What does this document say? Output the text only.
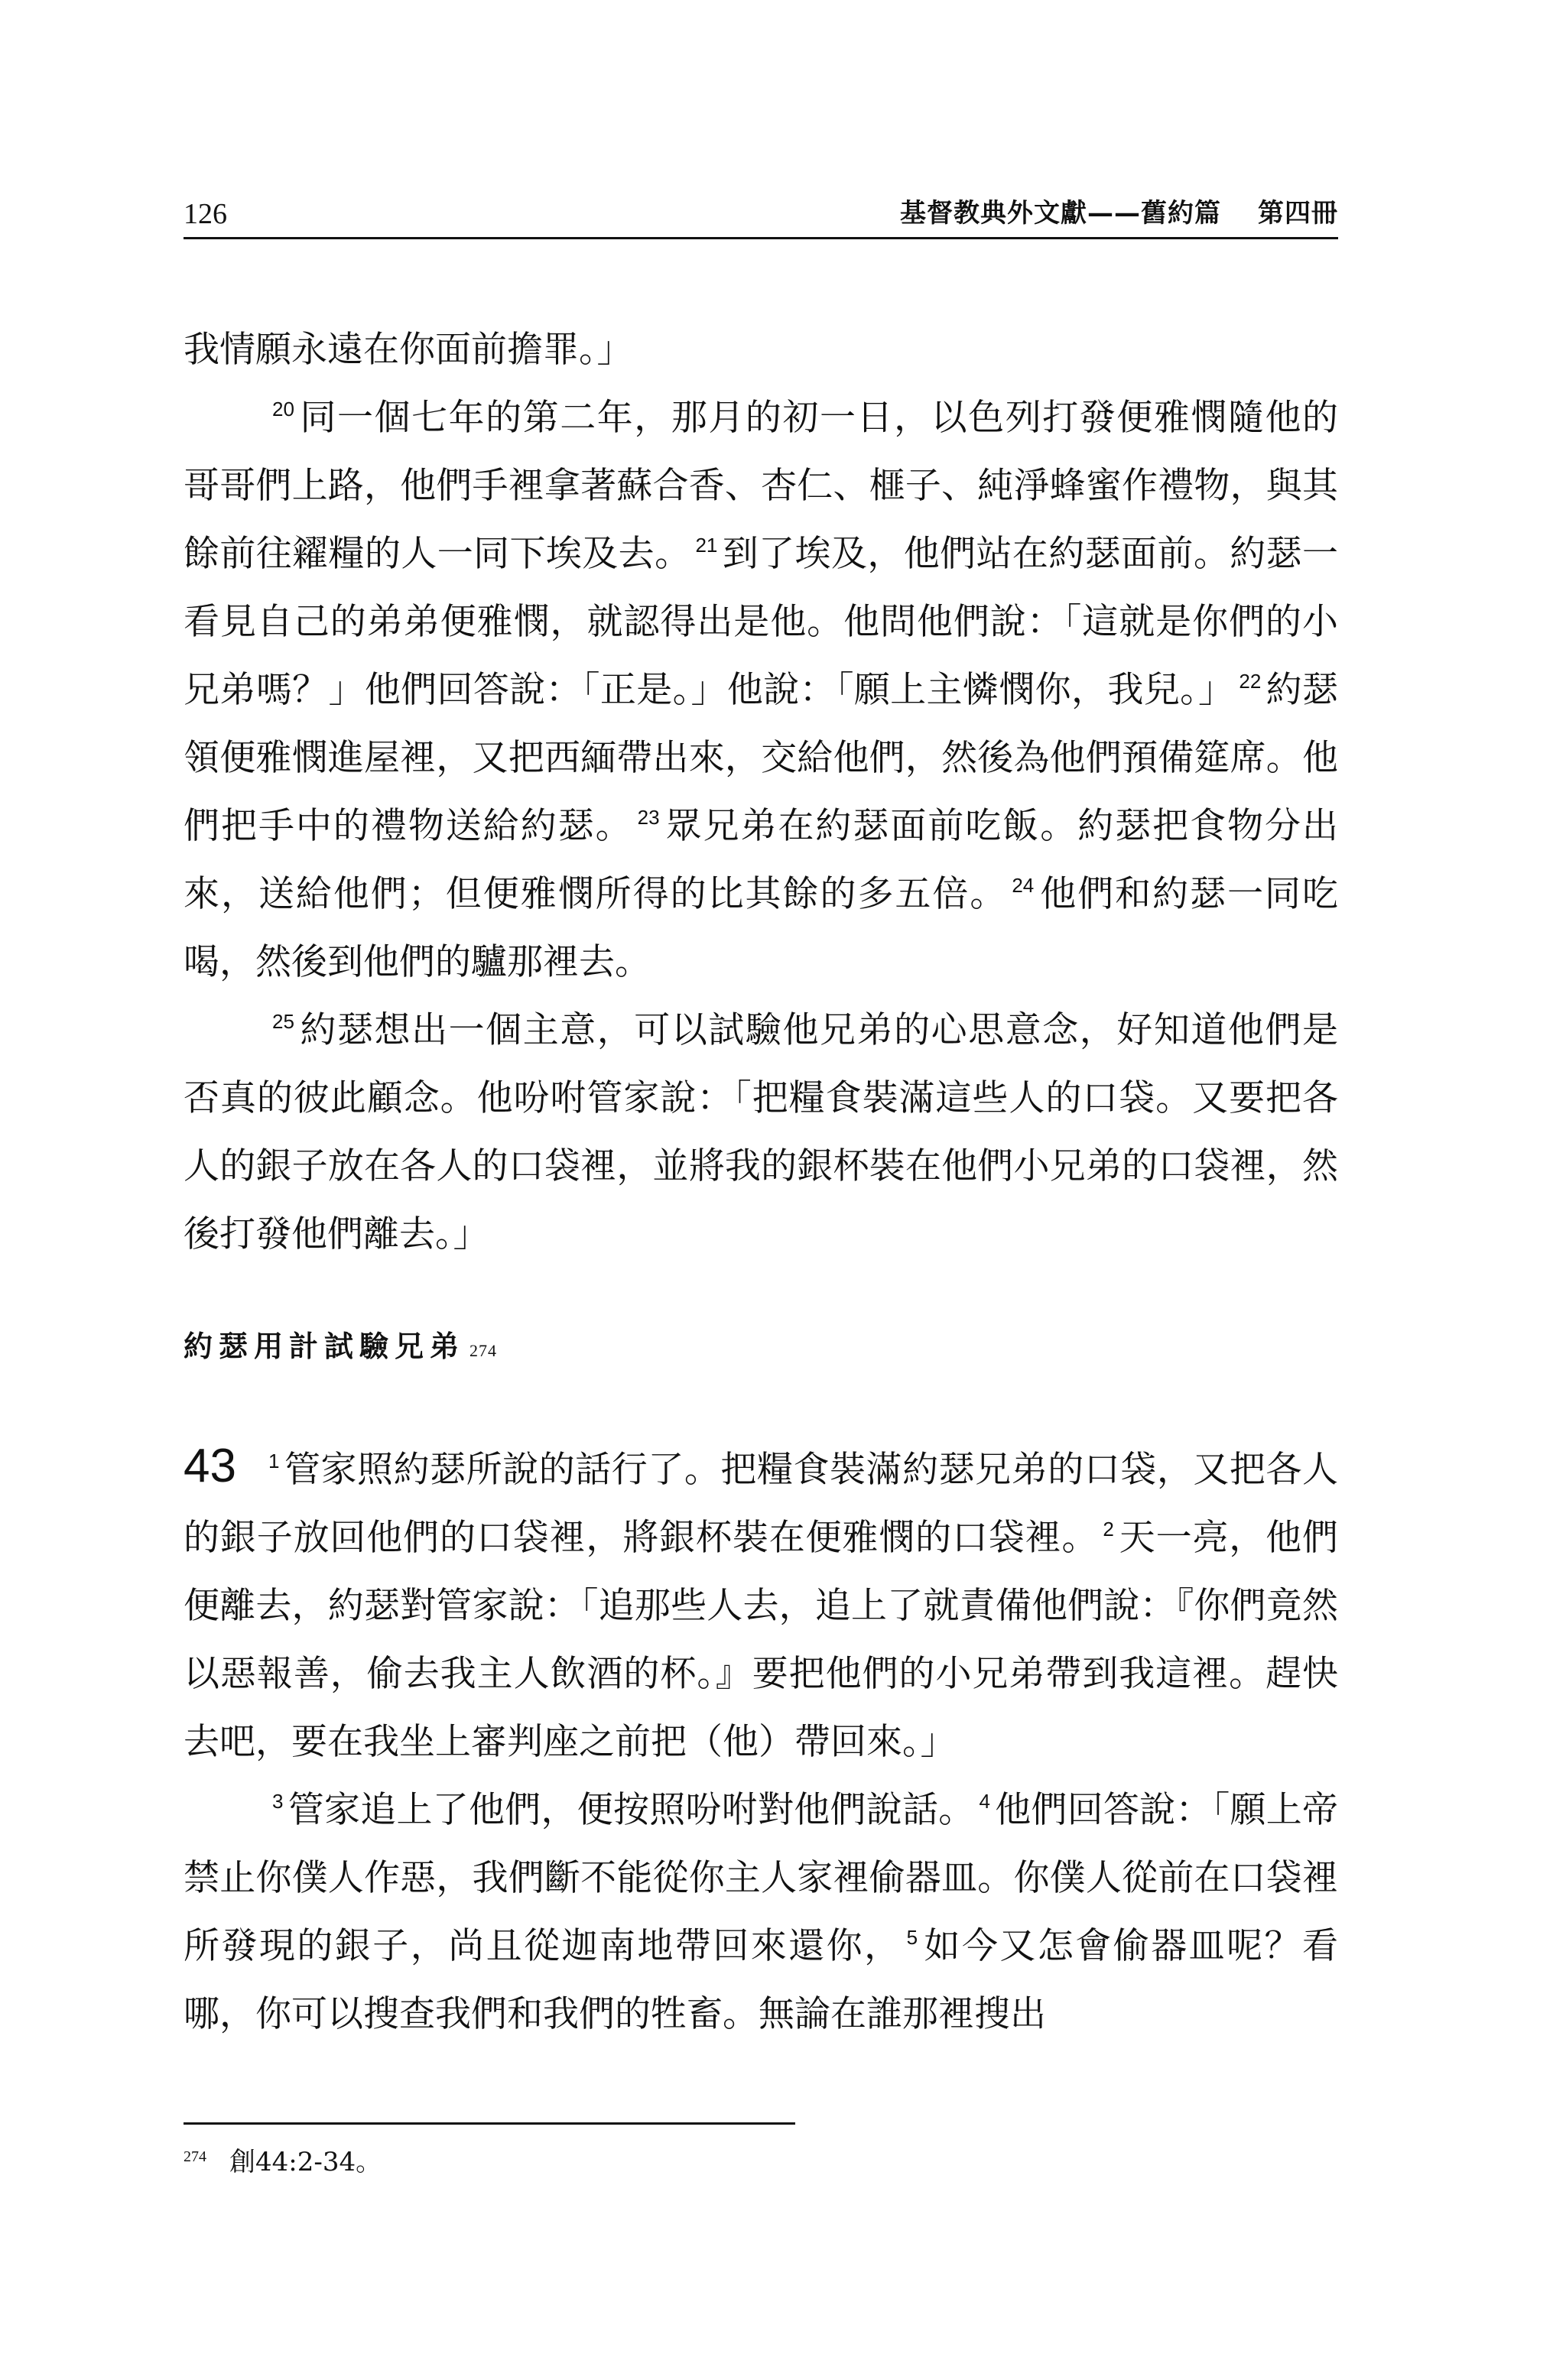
126	基督教典外文獻——舊約篇 第四冊

我情願永遠在你面前擔罪。」

$^{20}$ 同一個七年的第二年，那月的初一日，以色列打發便雅憫隨他的哥哥們上路，他們手裡拿著蘇合香、杏仁、榧子、純淨蜂蜜作禮物，與其餘前往糴糧的人一同下埃及去。 $^{21}$ 到了埃及，他們站在約瑟面前。約瑟一看見自己的弟弟便雅憫，就認得出是他。他問他們說：「這就是你們的小兄弟嗎？」他們回答說：「正是。」他說：「願上主憐憫你，我兒。」 $^{22}$ 約瑟領便雅憫進屋裡，又把西緬帶出來，交給他們，然後為他們預備筵席。他們把手中的禮物送給約瑟。 $^{23}$ 眾兄弟在約瑟面前吃飯。約瑟把食物分出來，送給他們；但便雅憫所得的比其餘的多五倍。 $^{24}$ 他們和約瑟一同吃喝，然後到他們的驢那裡去。

$^{25}$ 約瑟想出一個主意，可以試驗他兄弟的心思意念，好知道他們是否真的彼此顧念。他吩咐管家說：「把糧食裝滿這些人的口袋。又要把各人的銀子放在各人的口袋裡，並將我的銀杯裝在他們小兄弟的口袋裡，然後打發他們離去。」

約瑟用計試驗兄弟 274

43 $^1$ 管家照約瑟所說的話行了。把糧食裝滿約瑟兄弟的口袋，又把各人的銀子放回他們的口袋裡，將銀杯裝在便雅憫的口袋裡。 $^2$ 天一亮，他們便離去，約瑟對管家說：「追那些人去，追上了就責備他們說：『你們竟然以惡報善，偷去我主人飲酒的杯。』要把他們的小兄弟帶到我這裡。趕快去吧，要在我坐上審判座之前把（他）帶回來。」

$^3$ 管家追上了他們，便按照吩咐對他們說話。 $^4$ 他們回答說：「願上帝禁止你僕人作惡，我們斷不能從你主人家裡偷器皿。你僕人從前在口袋裡所發現的銀子，尚且從迦南地帶回來還你， $^5$ 如今又怎會偷器皿呢？看哪，你可以搜查我們和我們的牲畜。無論在誰那裡搜出

$^{274}$ 創44:2-34。
